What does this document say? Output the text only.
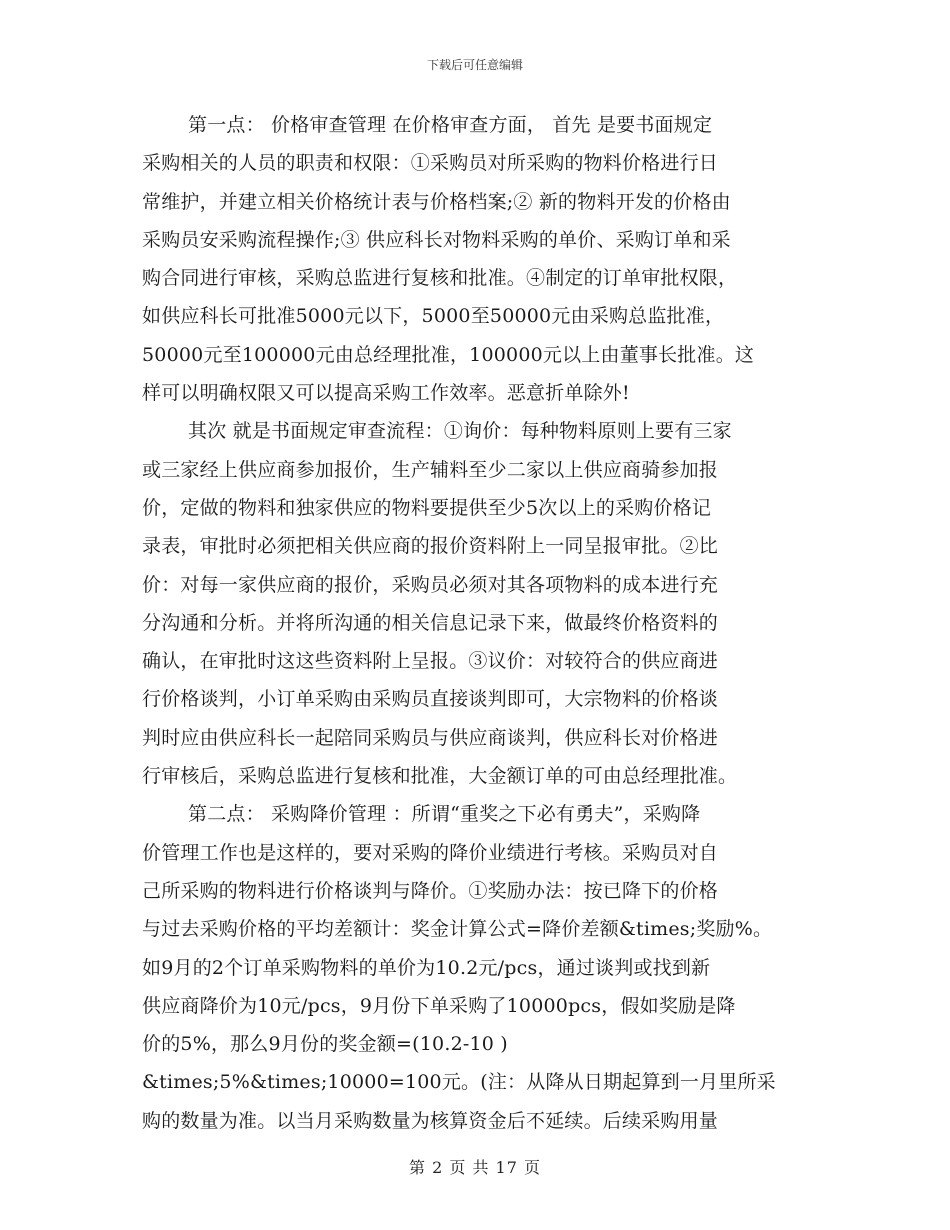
下载后可任意编辑
第一点： 价格审查管理 在价格审查方面， 首先 是要书面规定
采购相关的人员的职责和权限：①采购员对所采购的物料价格进行日
常维护，并建立相关价格统计表与价格档案;② 新的物料开发的价格由
采购员安采购流程操作;③ 供应科长对物料采购的单价、采购订单和采
购合同进行审核，采购总监进行复核和批准。④制定的订单审批权限，
如供应科长可批准5000元以下，5000至50000元由采购总监批准，
50000元至100000元由总经理批准，100000元以上由董事长批准。这
样可以明确权限又可以提高采购工作效率。恶意折单除外!
其次 就是书面规定审查流程：①询价：每种物料原则上要有三家
或三家经上供应商参加报价，生产辅料至少二家以上供应商骑参加报
价，定做的物料和独家供应的物料要提供至少5次以上的采购价格记
录表，审批时必须把相关供应商的报价资料附上一同呈报审批。②比
价：对每一家供应商的报价，采购员必须对其各项物料的成本进行充
分沟通和分析。并将所沟通的相关信息记录下来，做最终价格资料的
确认，在审批时这这些资料附上呈报。③议价：对较符合的供应商进
行价格谈判，小订单采购由采购员直接谈判即可，大宗物料的价格谈
判时应由供应科长一起陪同采购员与供应商谈判，供应科长对价格进
行审核后，采购总监进行复核和批准，大金额订单的可由总经理批准。
第二点： 采购降价管理 ：所谓“重奖之下必有勇夫”，采购降
价管理工作也是这样的，要对采购的降价业绩进行考核。采购员对自
己所采购的物料进行价格谈判与降价。①奖励办法：按已降下的价格
与过去采购价格的平均差额计：奖金计算公式=降价差额&times;奖励%。
如9月的2个订单采购物料的单价为10.2元/pcs，通过谈判或找到新
供应商降价为10元/pcs，9月份下单采购了10000pcs，假如奖励是降
价的5%，那么9月份的奖金额=(10.2-10 )
&times;5%&times;10000=100元。(注：从降从日期起算到一月里所采
购的数量为准。以当月采购数量为核算资金后不延续。后续采购用量
第 2 页 共 17 页
